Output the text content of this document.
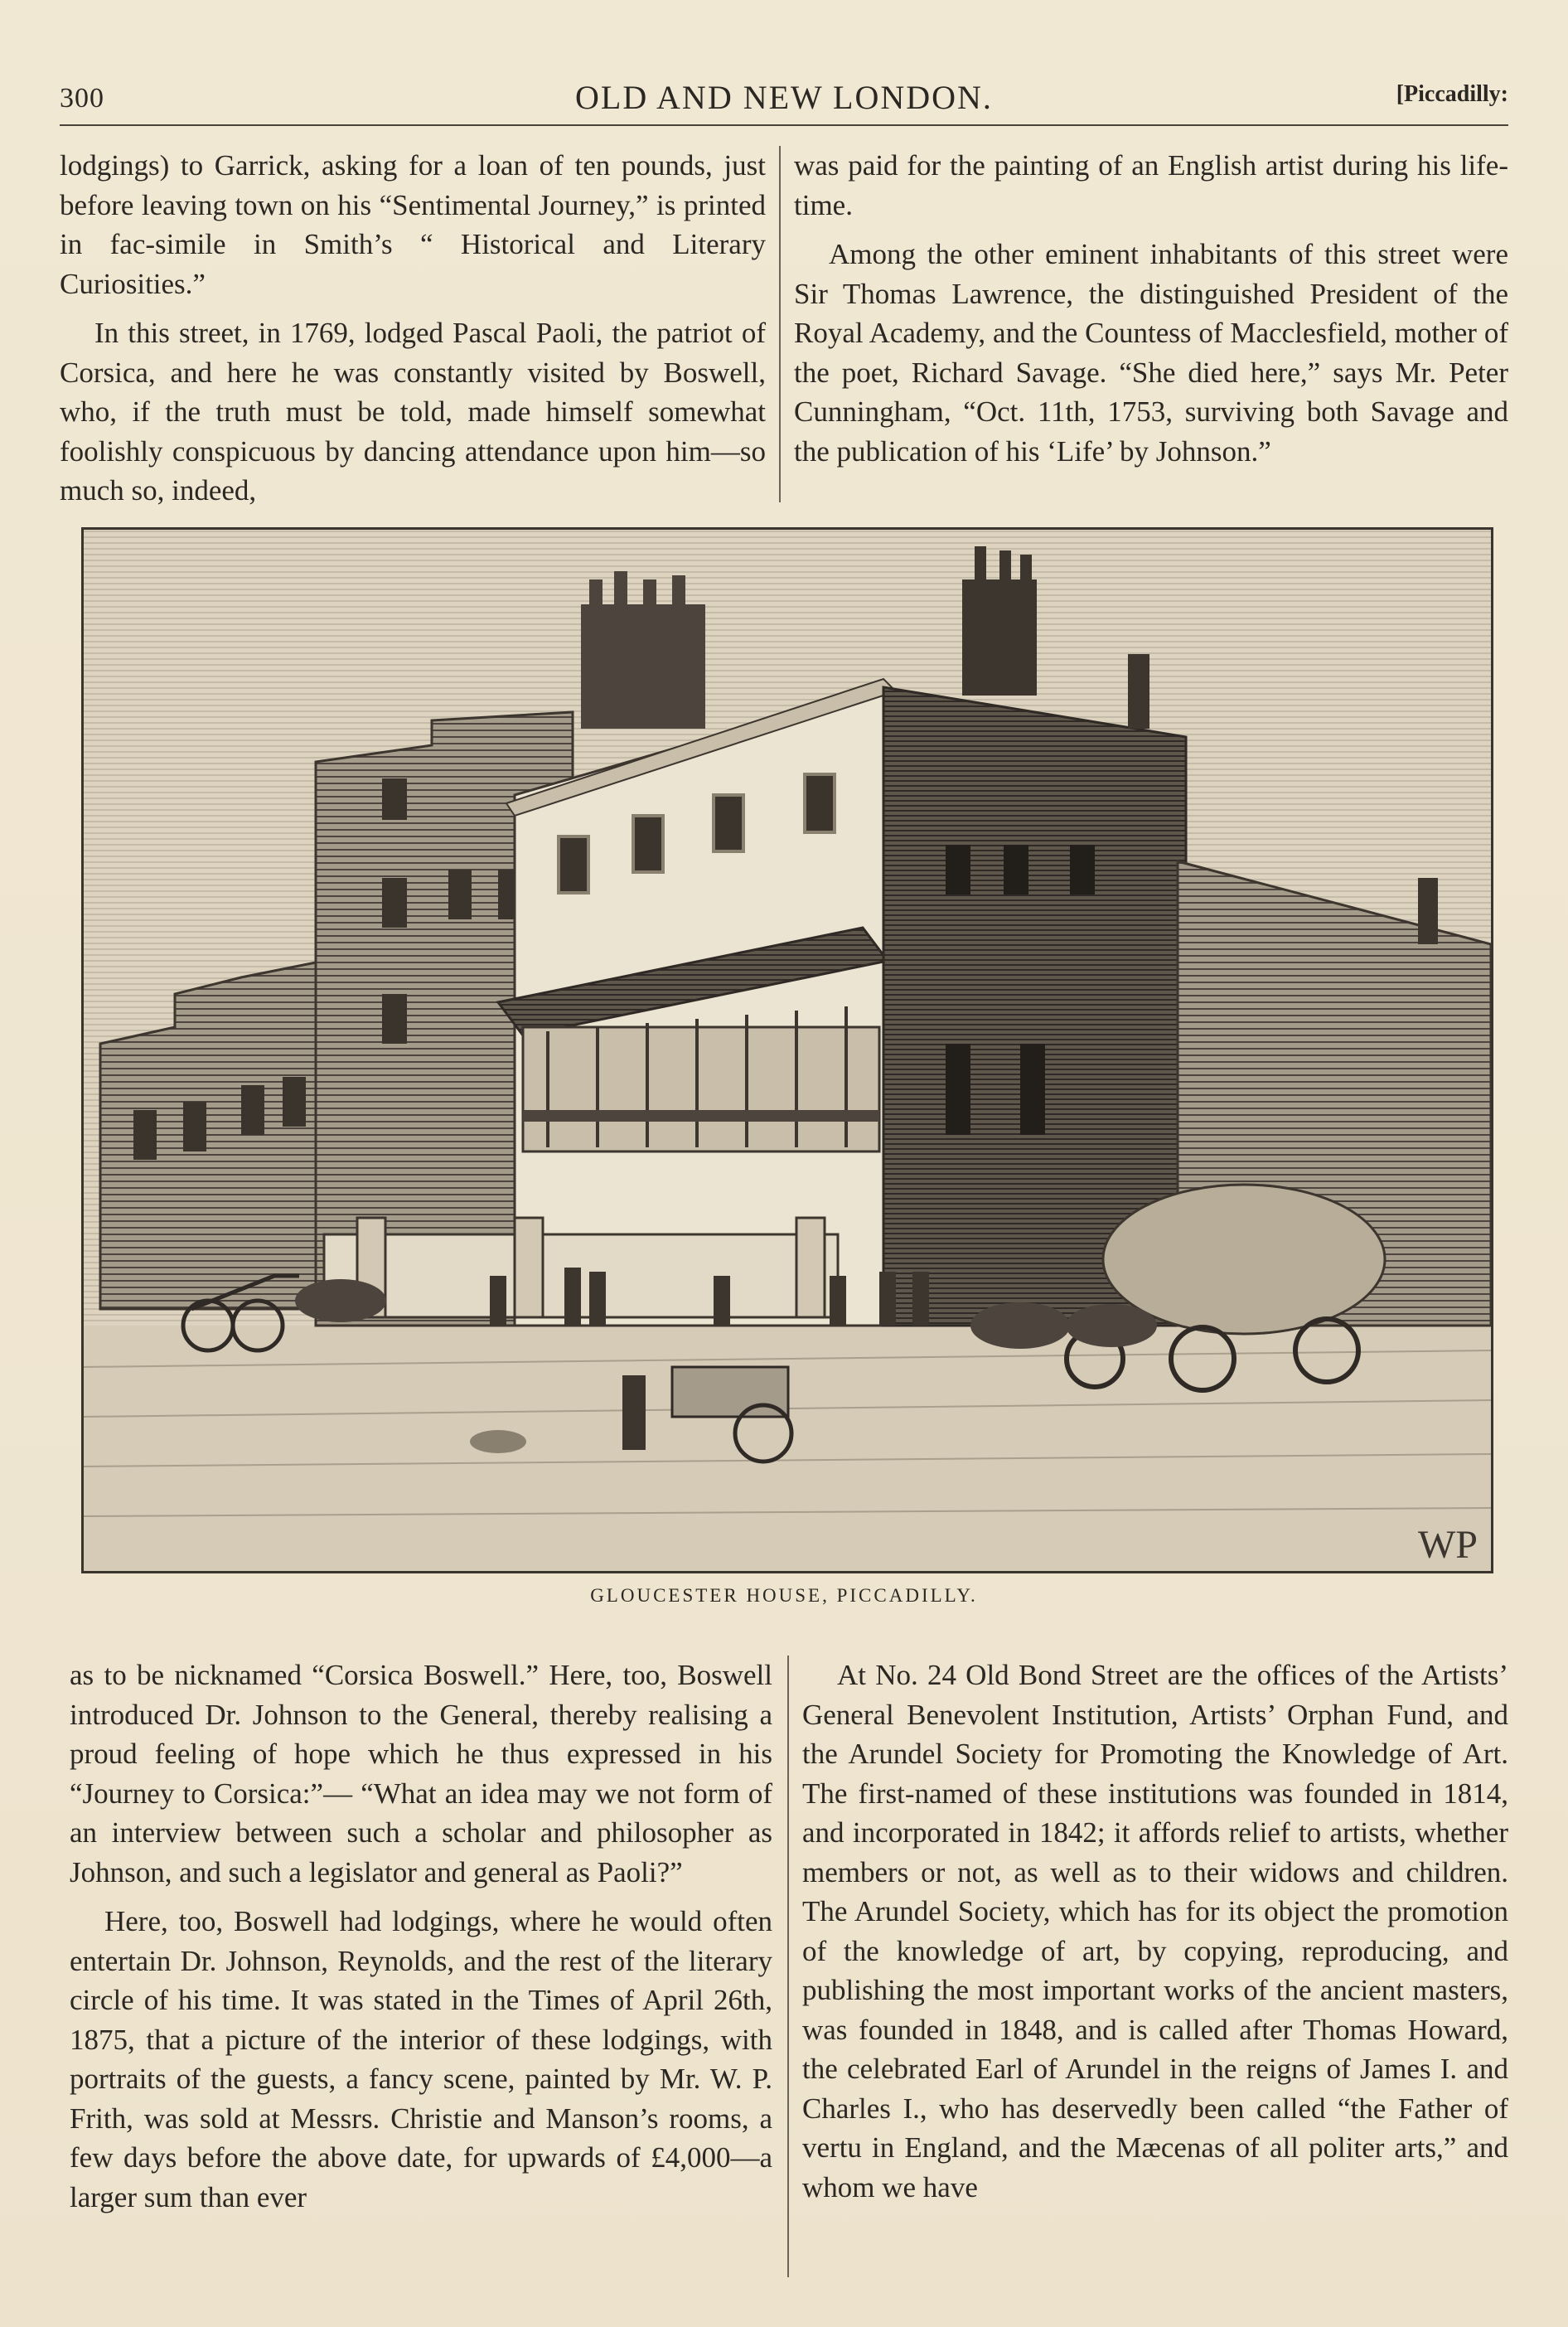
300	OLD AND NEW LONDON.	[Piccadilly:

lodgings) to Garrick, asking for a loan of ten pounds, just before leaving town on his “Sentimental Journey,” is printed in fac-simile in Smith’s “ Historical and Literary Curiosities.”

In this street, in 1769, lodged Pascal Paoli, the patriot of Corsica, and here he was constantly visited by Boswell, who, if the truth must be told, made himself somewhat foolishly conspicuous by dancing attendance upon him—so much so, indeed,

was paid for the painting of an English artist during his life-time.

Among the other eminent inhabitants of this street were Sir Thomas Lawrence, the distinguished President of the Royal Academy, and the Countess of Macclesfield, mother of the poet, Richard Savage. “She died here,” says Mr. Peter Cunningham, “Oct. 11th, 1753, surviving both Savage and the publication of his ‘Life’ by Johnson.”

WP
GLOUCESTER HOUSE, PICCADILLY.

as to be nicknamed “Corsica Boswell.” Here, too, Boswell introduced Dr. Johnson to the General, thereby realising a proud feeling of hope which he thus expressed in his “Journey to Corsica:”— “What an idea may we not form of an interview between such a scholar and philosopher as Johnson, and such a legislator and general as Paoli?”

Here, too, Boswell had lodgings, where he would often entertain Dr. Johnson, Reynolds, and the rest of the literary circle of his time. It was stated in the Times of April 26th, 1875, that a picture of the interior of these lodgings, with portraits of the guests, a fancy scene, painted by Mr. W. P. Frith, was sold at Messrs. Christie and Manson’s rooms, a few days before the above date, for upwards of £4,000—a larger sum than ever

At No. 24 Old Bond Street are the offices of the Artists’ General Benevolent Institution, Artists’ Orphan Fund, and the Arundel Society for Promoting the Knowledge of Art. The first-named of these institutions was founded in 1814, and incorporated in 1842; it affords relief to artists, whether members or not, as well as to their widows and children. The Arundel Society, which has for its object the promotion of the knowledge of art, by copying, reproducing, and publishing the most important works of the ancient masters, was founded in 1848, and is called after Thomas Howard, the celebrated Earl of Arundel in the reigns of James I. and Charles I., who has deservedly been called “the Father of vertu in England, and the Mæcenas of all politer arts,” and whom we have
